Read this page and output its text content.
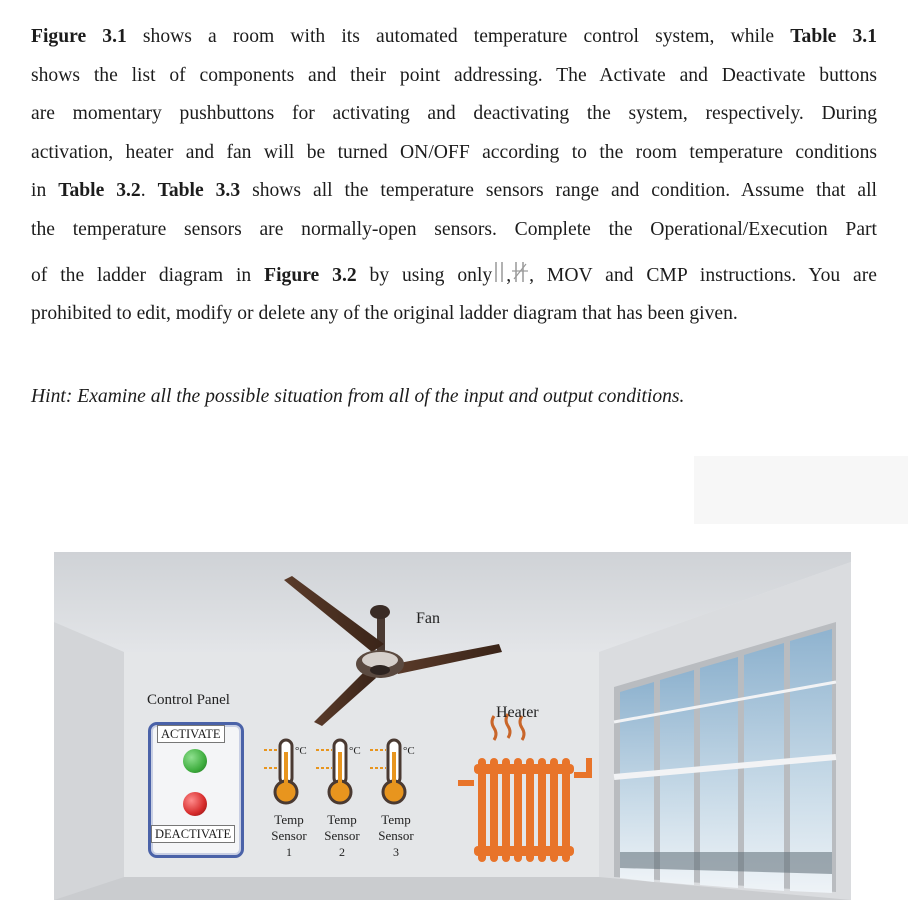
Figure 3.1 shows a room with its automated temperature control system, while Table 3.1
shows the list of components and their point addressing. The Activate and Deactivate buttons
are momentary pushbuttons for activating and deactivating the system, respectively. During
activation, heater and fan will be turned ON/OFF according to the room temperature conditions
in Table 3.2. Table 3.3 shows all the temperature sensors range and condition. Assume that all
the temperature sensors are normally-open sensors. Complete the Operational/Execution Part
of the ladder diagram in Figure 3.2 by using only , , MOV and CMP instructions. You are
prohibited to edit, modify or delete any of the original ladder diagram that has been given.
Hint: Examine all the possible situation from all of the input and output conditions.
Fan
Control Panel
ACTIVATE
DEACTIVATE
°C	°C	°C
Temp
Sensor
1
Temp
Sensor
2
Temp
Sensor
3
Heater
